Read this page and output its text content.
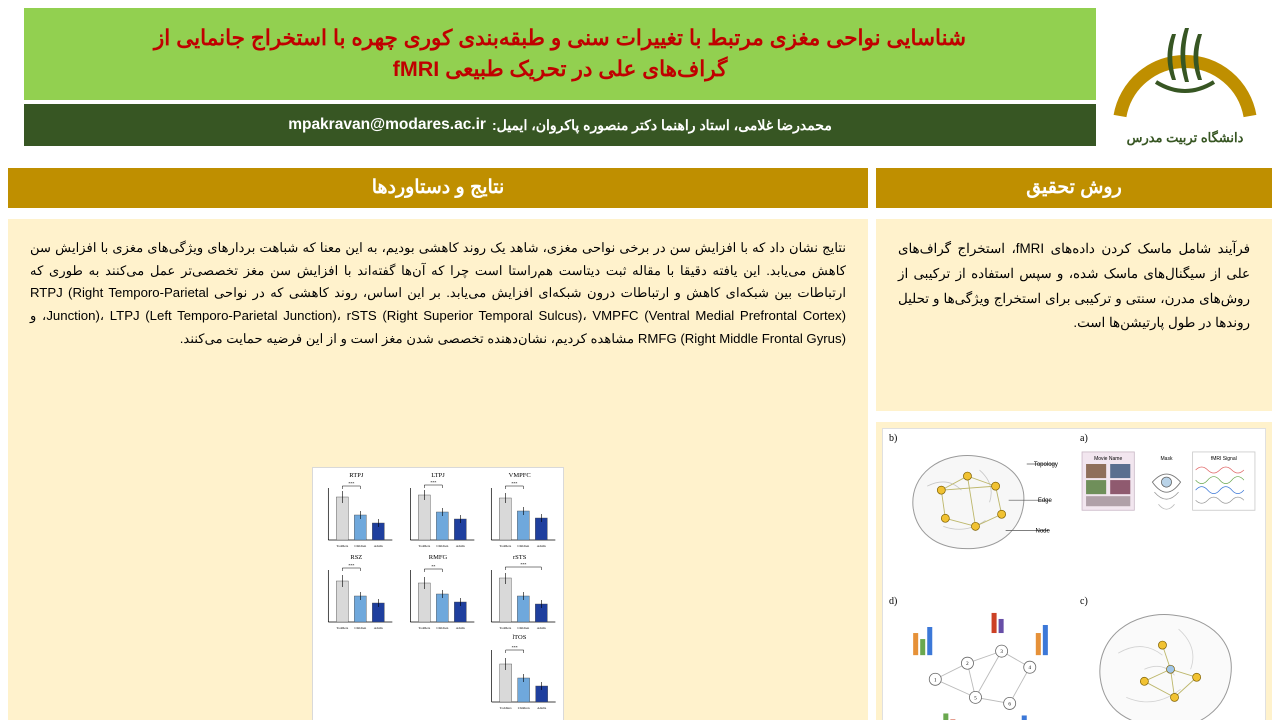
شناسایی نواحی مغزی مرتبط با تغییرات سنی و طبقه‌بندی کوری چهره با استخراج جانمایی از
گراف‌های علی در تحریک طبیعی fMRI
محمدرضا غلامی، استاد راهنما دکتر منصوره پاکروان، ایمیل:
mpakravan@modares.ac.ir
دانشگاه تربیت مدرس
نتایج و دستاوردها
نتایج نشان داد که با افزایش سن در برخی نواحی مغزی، شاهد یک روند کاهشی بودیم، به این معنا که شباهت بردارهای ویژگی‌های مغزی با افزایش سن کاهش می‌یابد. این یافته دقیقا با مقاله ثبت دیتاست هم‌راستا است چرا که آن‌ها گفته‌اند با افزایش سن مغز تخصصی‌تر عمل می‌کنند به طوری که ارتباطات بین شبکه‌ای کاهش و ارتباطات درون شبکه‌ای افزایش می‌یابد. بر این اساس، روند کاهشی که در نواحی RTPJ (Right Temporo-Parietal Junction)، LTPJ (Left Temporo-Parietal Junction)، rSTS (Right Superior Temporal Sulcus)، VMPFC (Ventral Medial Prefrontal Cortex)، و RMFG (Right Middle Frontal Gyrus) مشاهده کردیم، نشان‌دهنده تخصصی شدن مغز است و از این فرضیه حمایت می‌کنند.
RTPJ
***
Toddlers Children Adults
LTPJ
***
Toddlers Children Adults
VMPFC
***
Toddlers Children Adults
RSZ
***
Toddlers Children Adults
RMFG
**
Toddlers Children Adults
rSTS
***
Toddlers Children Adults
lTOS
***
Toddlers Children Adults
روش تحقیق
فرآیند شامل ماسک کردن داده‌های fMRI، استخراج گراف‌های علی از سیگنال‌های ماسک شده، و سپس استفاده از ترکیبی از روش‌های مدرن، سنتی و ترکیبی برای استخراج ویژگی‌ها و تحلیل روندها در طول پارتیشن‌ها است.
a)
Movie Name	Mask	fMRI Signal
b)
Topology
Edge
Node
c)
d)
1
2
3
4
5
6
